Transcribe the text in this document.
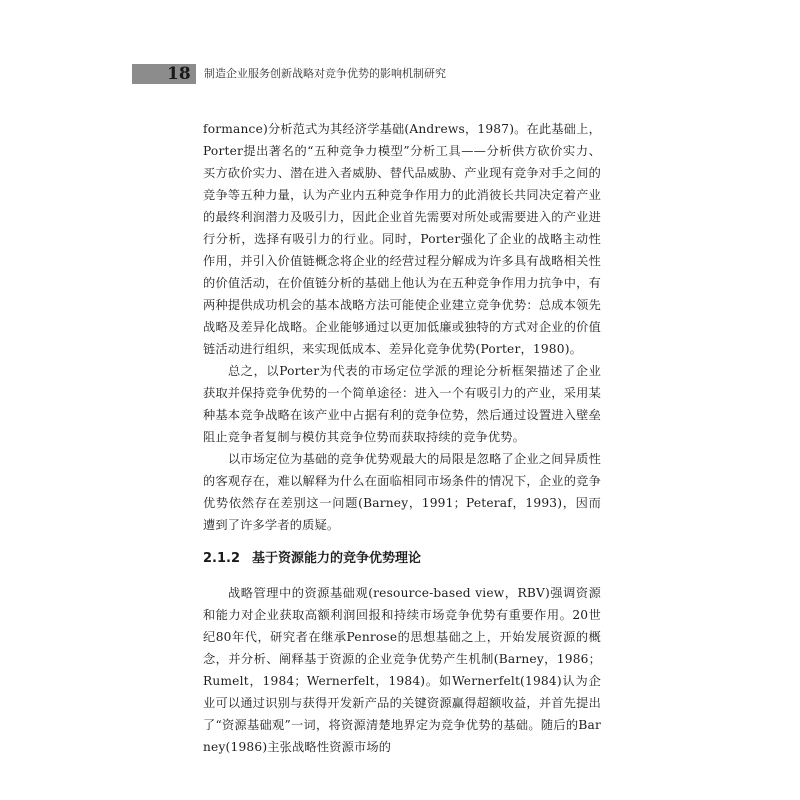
18	制造企业服务创新战略对竞争优势的影响机制研究

formance)分析范式为其经济学基础(Andrews，1987)。在此基础上，Porter提出著名的“五种竞争力模型”分析工具——分析供方砍价实力、买方砍价实力、潜在进入者威胁、替代品威胁、产业现有竞争对手之间的竞争等五种力量，认为产业内五种竞争作用力的此消彼长共同决定着产业的最终利润潜力及吸引力，因此企业首先需要对所处或需要进入的产业进行分析，选择有吸引力的行业。同时，Porter强化了企业的战略主动性作用，并引入价值链概念将企业的经营过程分解成为许多具有战略相关性的价值活动，在价值链分析的基础上他认为在五种竞争作用力抗争中，有两种提供成功机会的基本战略方法可能使企业建立竞争优势：总成本领先战略及差异化战略。企业能够通过以更加低廉或独特的方式对企业的价值链活动进行组织，来实现低成本、差异化竞争优势(Porter，1980)。

总之，以Porter为代表的市场定位学派的理论分析框架描述了企业获取并保持竞争优势的一个简单途径：进入一个有吸引力的产业，采用某种基本竞争战略在该产业中占据有利的竞争位势，然后通过设置进入壁垒阻止竞争者复制与模仿其竞争位势而获取持续的竞争优势。

以市场定位为基础的竞争优势观最大的局限是忽略了企业之间异质性的客观存在，难以解释为什么在面临相同市场条件的情况下，企业的竞争优势依然存在差别这一问题(Barney，1991；Peteraf，1993)，因而遭到了许多学者的质疑。

2.1.2 基于资源能力的竞争优势理论

战略管理中的资源基础观(resource-based view，RBV)强调资源和能力对企业获取高额利润回报和持续市场竞争优势有重要作用。20世纪80年代，研究者在继承Penrose的思想基础之上，开始发展资源的概念，并分析、阐释基于资源的企业竞争优势产生机制(Barney，1986；Rumelt，1984；Wernerfelt，1984)。如Wernerfelt(1984)认为企业可以通过识别与获得开发新产品的关键资源赢得超额收益，并首先提出了“资源基础观”一词，将资源清楚地界定为竞争优势的基础。随后的Barney(1986)主张战略性资源市场的
